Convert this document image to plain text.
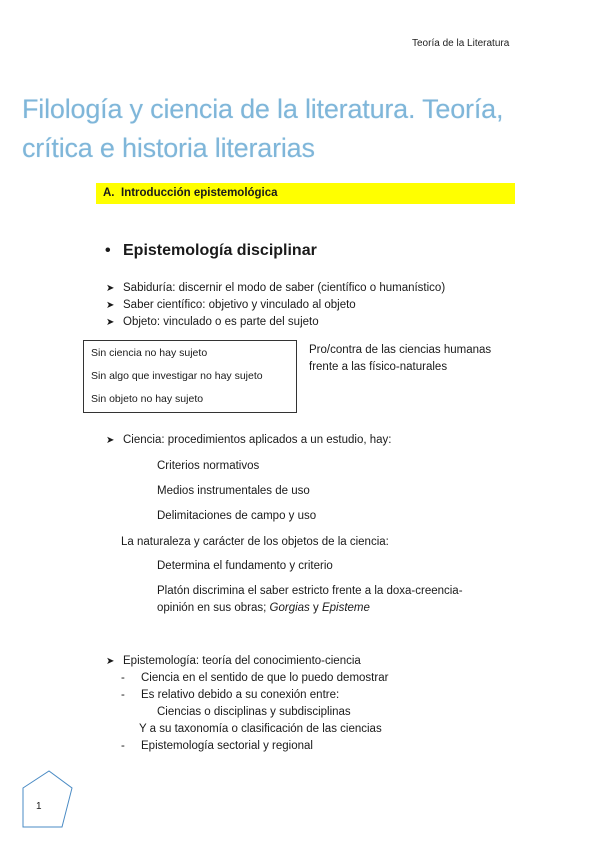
Teoría de la Literatura
Filología y ciencia de la literatura. Teoría,
crítica e historia literarias
A. Introducción epistemológica
• Epistemología disciplinar
➤ Sabiduría: discernir el modo de saber (científico o humanístico)
➤ Saber científico: objetivo y vinculado al objeto
➤ Objeto: vinculado o es parte del sujeto
Sin ciencia no hay sujeto
Sin algo que investigar no hay sujeto
Sin objeto no hay sujeto
Pro/contra de las ciencias humanas
frente a las físico-naturales
➤ Ciencia: procedimientos aplicados a un estudio, hay:
Criterios normativos
Medios instrumentales de uso
Delimitaciones de campo y uso
La naturaleza y carácter de los objetos de la ciencia:
Determina el fundamento y criterio
Platón discrimina el saber estricto frente a la doxa-creencia-
opinión en sus obras; Gorgias y Episteme
➤ Epistemología: teoría del conocimiento-ciencia
- Ciencia en el sentido de que lo puedo demostrar
- Es relativo debido a su conexión entre:
Ciencias o disciplinas y subdisciplinas
Y a su taxonomía o clasificación de las ciencias
- Epistemología sectorial y regional
1
